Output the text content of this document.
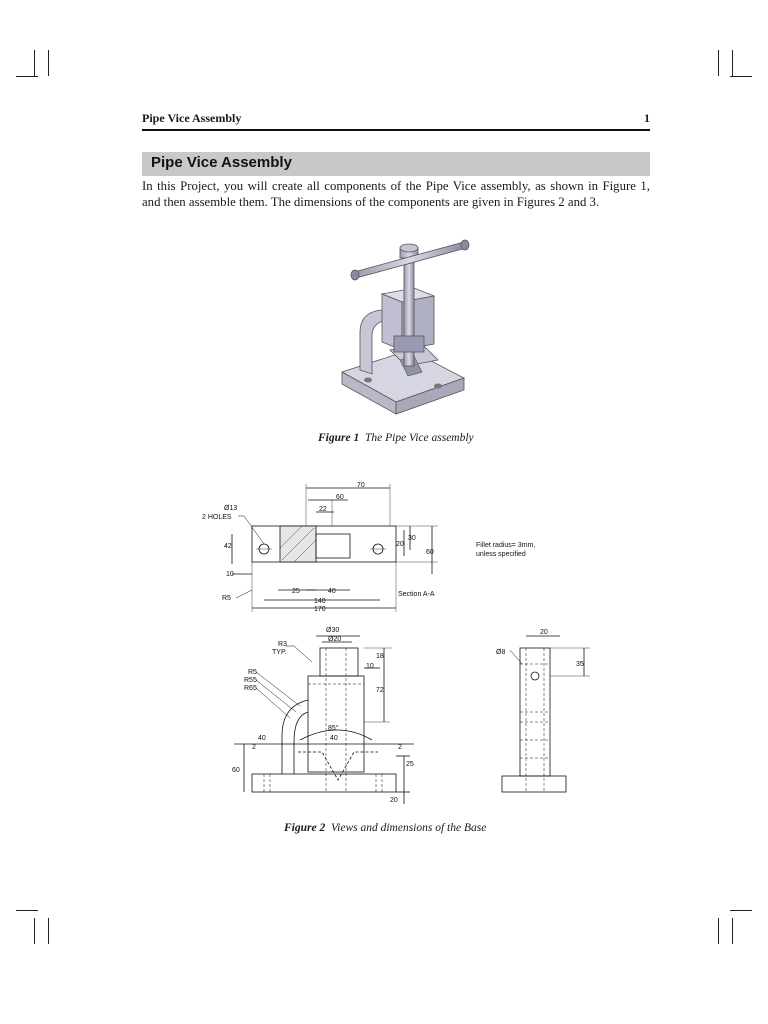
Pipe Vice Assembly	1
Pipe Vice Assembly

In this Project, you will create all components of the Pipe Vice assembly, as shown in Figure 1, and then assemble them. The dimensions of the components are given in Figures 2 and 3.

Figure 1 The Pipe Vice assembly
Ø13
2 HOLES
70
60
22
30
20
60
42
10
R5
25	40
140
170
Section A-A
Fillet radius= 3mm,
unless specified
Ø30
Ø20
R3
TYP.
R5
R55
R65
18
10
72
40
85°
40
2	2
60
25
20
20
Ø8
35
Figure 2 Views and dimensions of the Base
